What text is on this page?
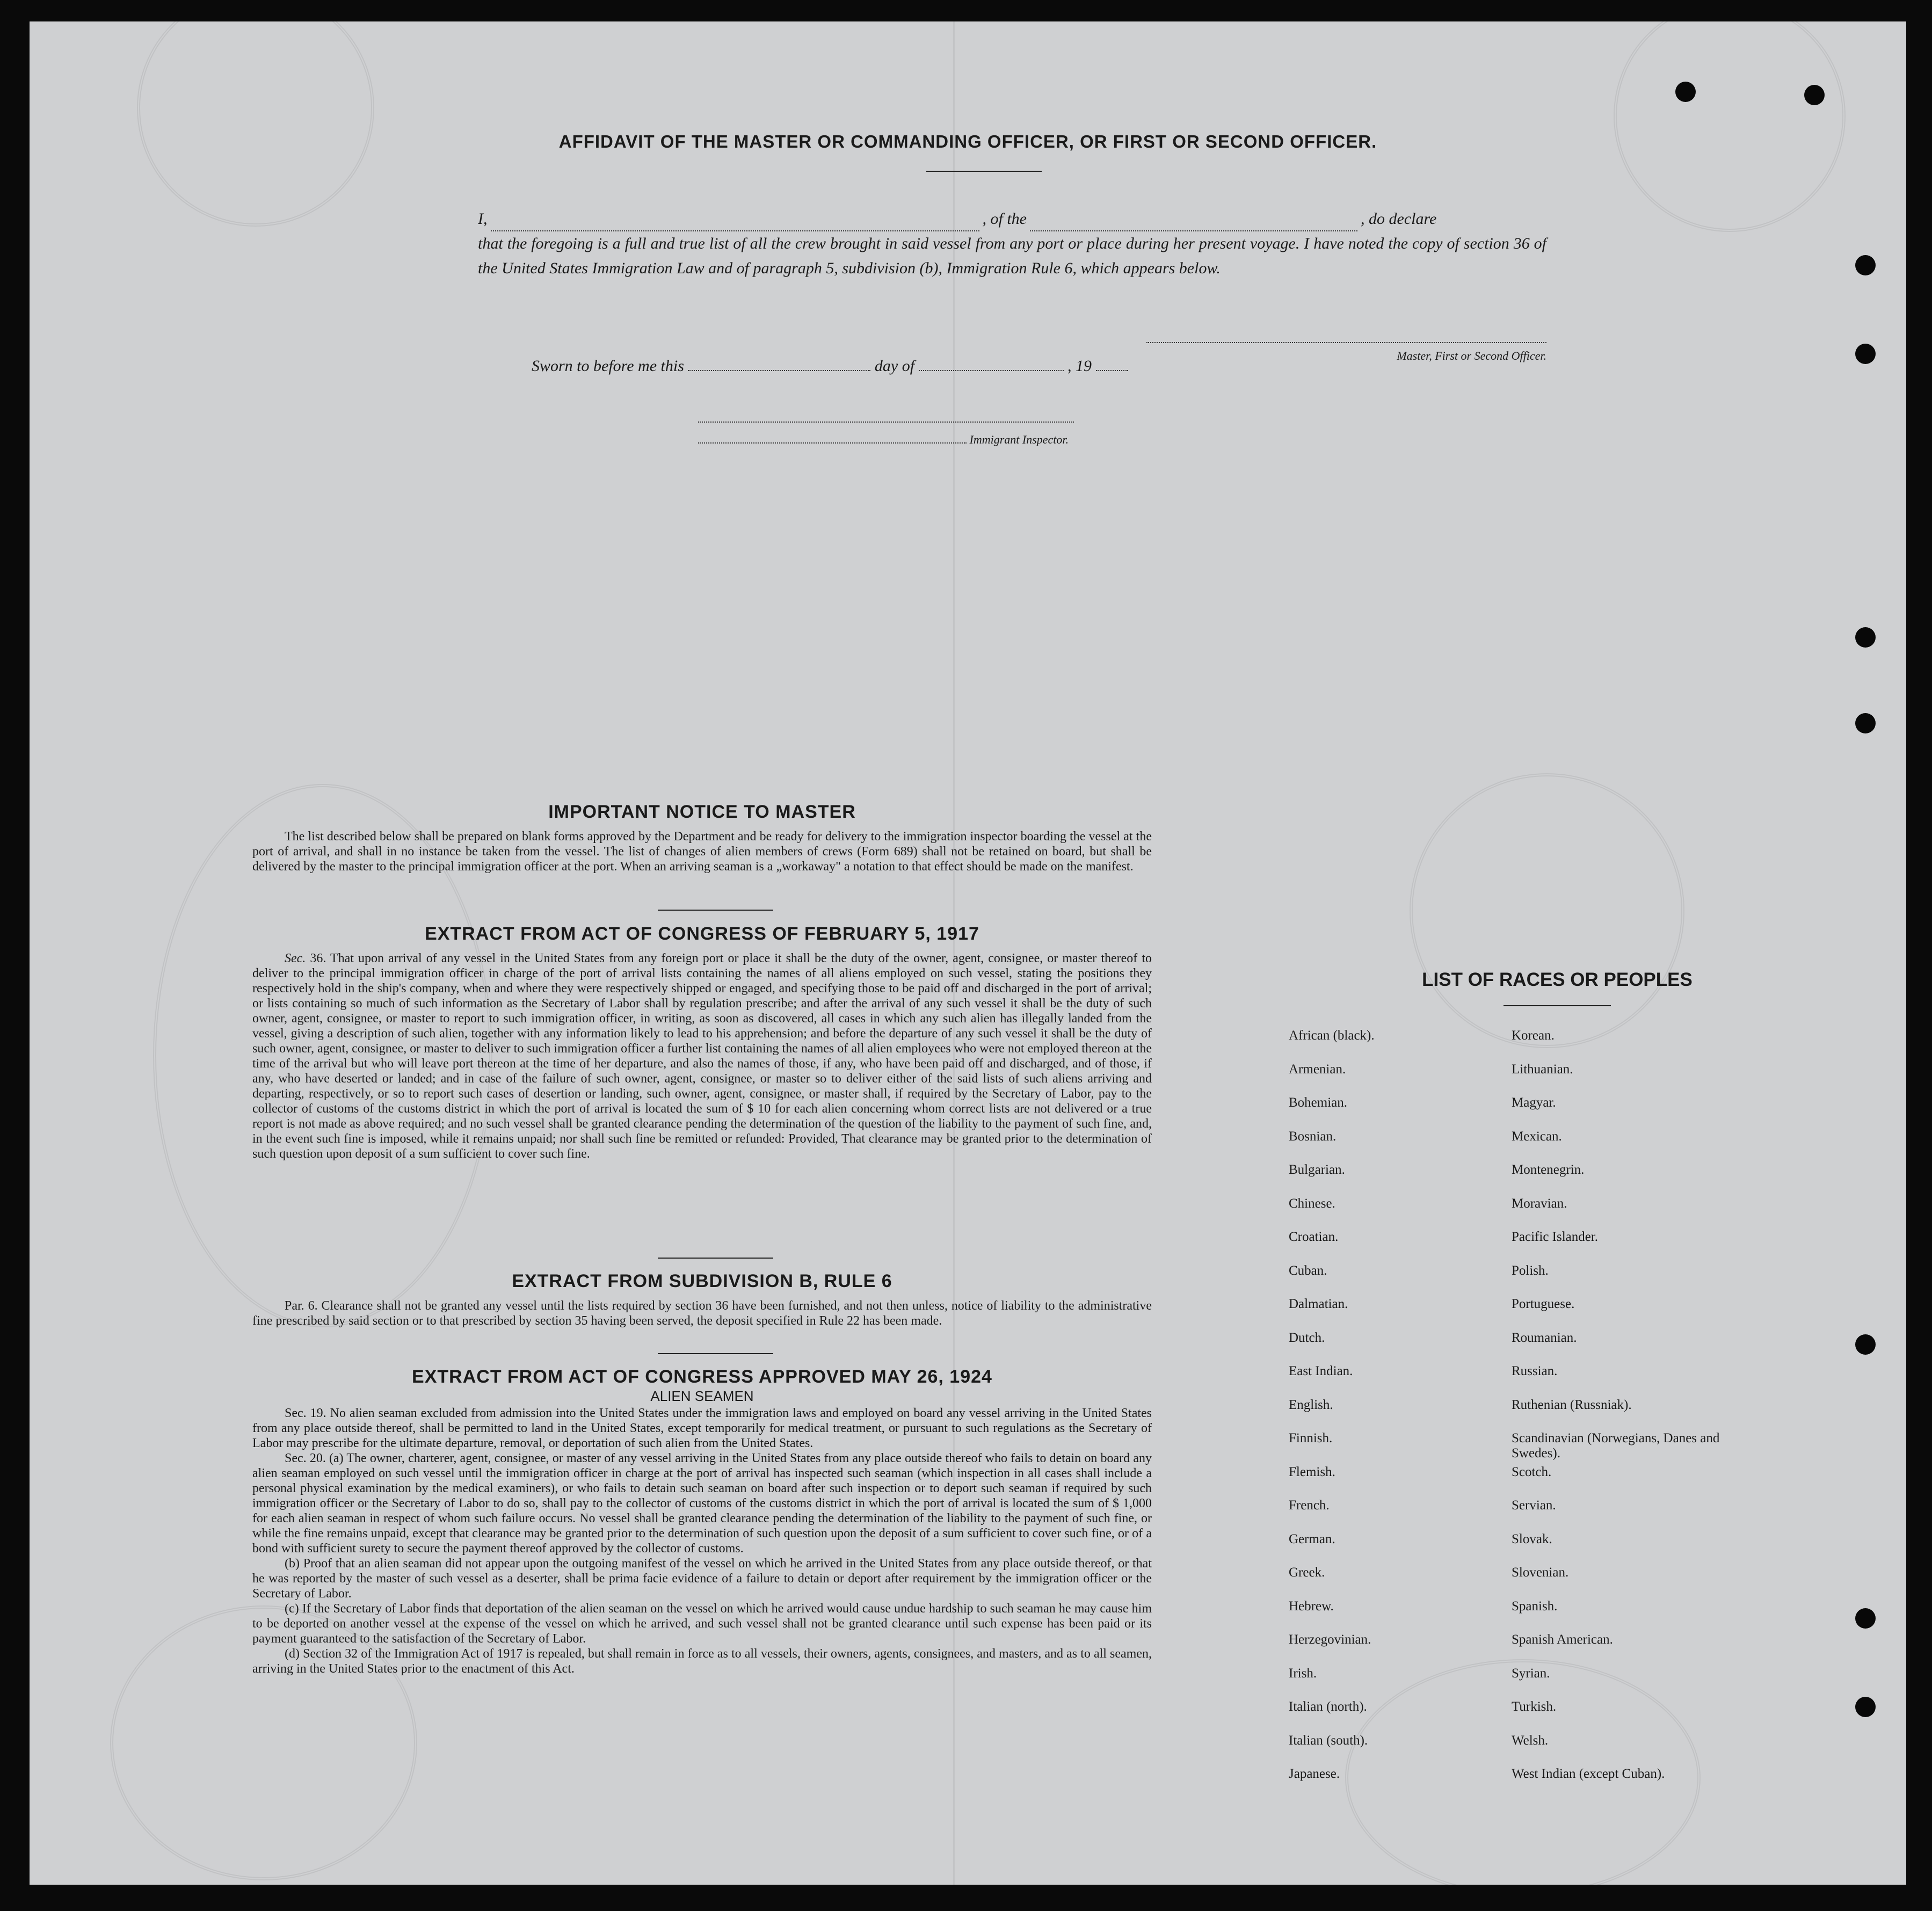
AFFIDAVIT OF THE MASTER OR COMMANDING OFFICER, OR FIRST OR SECOND OFFICER.
I,	, of the	, do declare
that the foregoing is a full and true list of all the crew brought in said vessel from any port or place during her present voyage. I have noted the copy of section 36 of the United States Immigration Law and of paragraph 5, subdivision (b), Immigration Rule 6, which appears below.
Master, First or Second Officer.
Sworn to before me this	day of	, 19
Immigrant Inspector.
IMPORTANT NOTICE TO MASTER

The list described below shall be prepared on blank forms approved by the Department and be ready for delivery to the immigration inspector boarding the vessel at the port of arrival, and shall in no instance be taken from the vessel. The list of changes of alien members of crews (Form 689) shall not be retained on board, but shall be delivered by the master to the principal immigration officer at the port. When an arriving seaman is a „workaway" a notation to that effect should be made on the manifest.

EXTRACT FROM ACT OF CONGRESS OF FEBRUARY 5, 1917

Sec. 36. That upon arrival of any vessel in the United States from any foreign port or place it shall be the duty of the owner, agent, consignee, or master thereof to deliver to the principal immigration officer in charge of the port of arrival lists containing the names of all aliens employed on such vessel, stating the positions they respectively hold in the ship's company, when and where they were respectively shipped or engaged, and specifying those to be paid off and discharged in the port of arrival; or lists containing so much of such information as the Secretary of Labor shall by regulation prescribe; and after the arrival of any such vessel it shall be the duty of such owner, agent, consignee, or master to report to such immigration officer, in writing, as soon as discovered, all cases in which any such alien has illegally landed from the vessel, giving a description of such alien, together with any information likely to lead to his apprehension; and before the departure of any such vessel it shall be the duty of such owner, agent, consignee, or master to deliver to such immigration officer a further list containing the names of all alien employees who were not employed thereon at the time of the arrival but who will leave port thereon at the time of her departure, and also the names of those, if any, who have been paid off and discharged, and of those, if any, who have deserted or landed; and in case of the failure of such owner, agent, consignee, or master so to deliver either of the said lists of such aliens arriving and departing, respectively, or so to report such cases of desertion or landing, such owner, agent, consignee, or master shall, if required by the Secretary of Labor, pay to the collector of customs of the customs district in which the port of arrival is located the sum of $ 10 for each alien concerning whom correct lists are not delivered or a true report is not made as above required; and no such vessel shall be granted clearance pending the determination of the question of the liability to the payment of such fine, and, in the event such fine is imposed, while it remains unpaid; nor shall such fine be remitted or refunded: Provided, That clearance may be granted prior to the determination of such question upon deposit of a sum sufficient to cover such fine.

EXTRACT FROM SUBDIVISION B, RULE 6

Par. 6. Clearance shall not be granted any vessel until the lists required by section 36 have been furnished, and not then unless, notice of liability to the administrative fine prescribed by said section or to that prescribed by section 35 having been served, the deposit specified in Rule 22 has been made.

EXTRACT FROM ACT OF CONGRESS APPROVED MAY 26, 1924
ALIEN SEAMEN

Sec. 19. No alien seaman excluded from admission into the United States under the immigration laws and employed on board any vessel arriving in the United States from any place outside thereof, shall be permitted to land in the United States, except temporarily for medical treatment, or pursuant to such regulations as the Secretary of Labor may prescribe for the ultimate departure, removal, or deportation of such alien from the United States.

Sec. 20. (a) The owner, charterer, agent, consignee, or master of any vessel arriving in the United States from any place outside thereof who fails to detain on board any alien seaman employed on such vessel until the immigration officer in charge at the port of arrival has inspected such seaman (which inspection in all cases shall include a personal physical examination by the medical examiners), or who fails to detain such seaman on board after such inspection or to deport such seaman if required by such immigration officer or the Secretary of Labor to do so, shall pay to the collector of customs of the customs district in which the port of arrival is located the sum of $ 1,000 for each alien seaman in respect of whom such failure occurs. No vessel shall be granted clearance pending the determination of the liability to the payment of such fine, or while the fine remains unpaid, except that clearance may be granted prior to the determination of such question upon the deposit of a sum sufficient to cover such fine, or of a bond with sufficient surety to secure the payment thereof approved by the collector of customs.

(b) Proof that an alien seaman did not appear upon the outgoing manifest of the vessel on which he arrived in the United States from any place outside thereof, or that he was reported by the master of such vessel as a deserter, shall be prima facie evidence of a failure to detain or deport after requirement by the immigration officer or the Secretary of Labor.

(c) If the Secretary of Labor finds that deportation of the alien seaman on the vessel on which he arrived would cause undue hardship to such seaman he may cause him to be deported on another vessel at the expense of the vessel on which he arrived, and such vessel shall not be granted clearance until such expense has been paid or its payment guaranteed to the satisfaction of the Secretary of Labor.

(d) Section 32 of the Immigration Act of 1917 is repealed, but shall remain in force as to all vessels, their owners, agents, consignees, and masters, and as to all seamen, arriving in the United States prior to the enactment of this Act.

LIST OF RACES OR PEOPLES
African (black).
Armenian.
Bohemian.
Bosnian.
Bulgarian.
Chinese.
Croatian.
Cuban.
Dalmatian.
Dutch.
East Indian.
English.
Finnish.
Flemish.
French.
German.
Greek.
Hebrew.
Herzegovinian.
Irish.
Italian (north).
Italian (south).
Japanese.
Korean.
Lithuanian.
Magyar.
Mexican.
Montenegrin.
Moravian.
Pacific Islander.
Polish.
Portuguese.
Roumanian.
Russian.
Ruthenian (Russniak).
Scandinavian (Norwegians, Danes and Swedes).
Scotch.
Servian.
Slovak.
Slovenian.
Spanish.
Spanish American.
Syrian.
Turkish.
Welsh.
West Indian (except Cuban).
